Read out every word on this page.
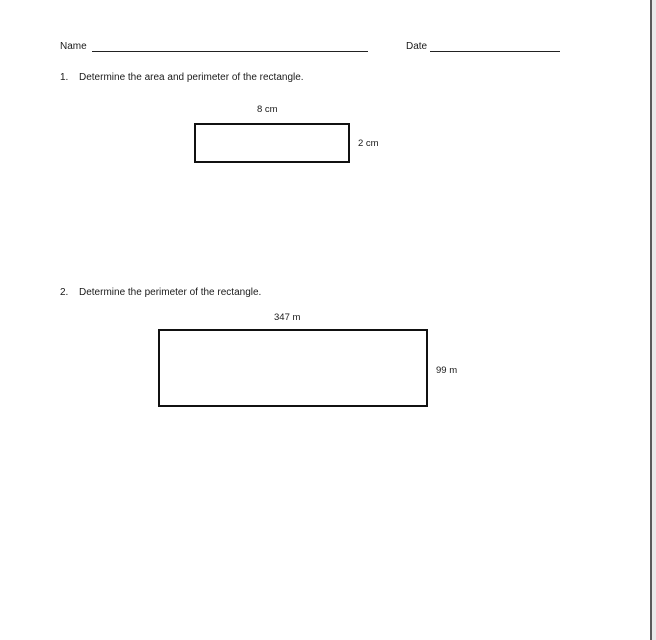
Name	Date
1. Determine the area and perimeter of the rectangle.
8 cm
2 cm
2. Determine the perimeter of the rectangle.
347 m
99 m
